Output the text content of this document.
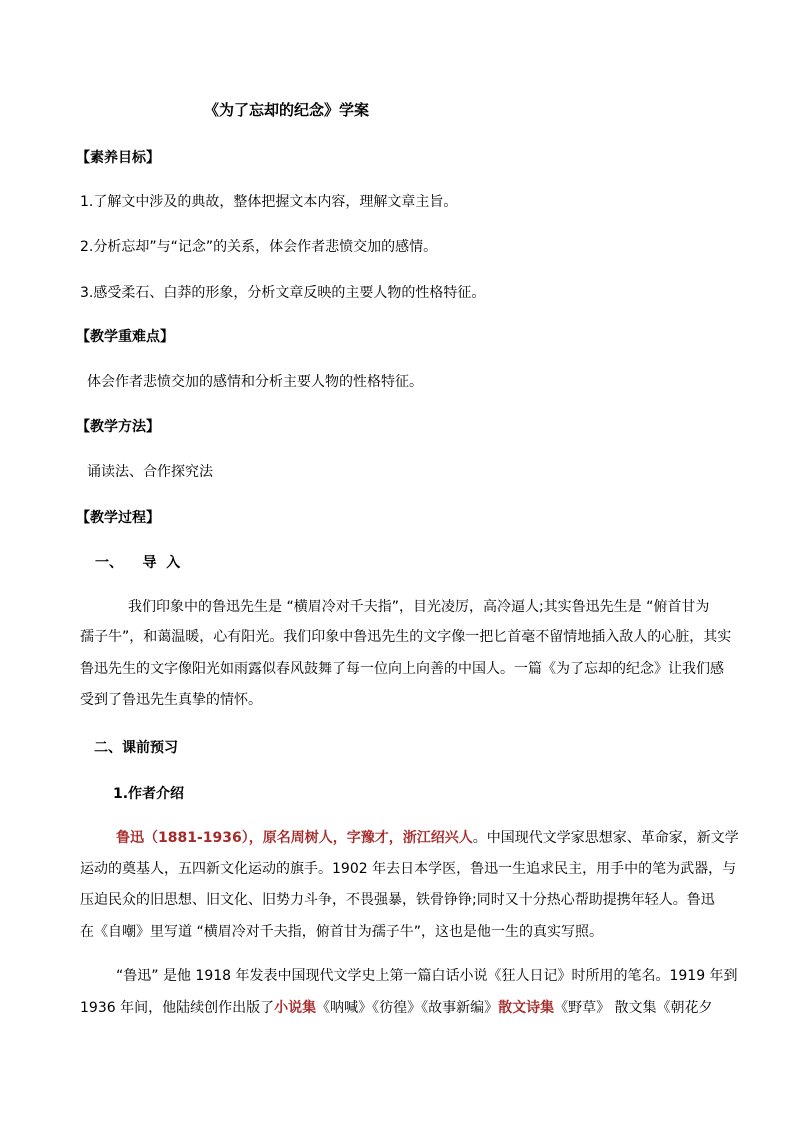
《为了忘却的纪念》学案
【素养目标】
1.了解文中涉及的典故，整体把握文本内容，理解文章主旨。
2.分析忘却”与“记念”的关系，体会作者悲愤交加的感情。
3.感受柔石、白莽的形象，分析文章反映的主要人物的性格特征。
【教学重难点】
体会作者悲愤交加的感情和分析主要人物的性格特征。
【教学方法】
诵读法、合作探究法
【教学过程】
一、    导  入
我们印象中的鲁迅先生是 “横眉冷对千夫指”，目光凌厉，高冷逼人;其实鲁迅先生是 “俯首甘为
孺子牛”，和蔼温暖，心有阳光。我们印象中鲁迅先生的文字像一把匕首毫不留情地插入敌人的心脏，其实
鲁迅先生的文字像阳光如雨露似春风鼓舞了每一位向上向善的中国人。一篇《为了忘却的纪念》让我们感
受到了鲁迅先生真挚的情怀。
二、课前预习
1.作者介绍
鲁迅（1881-1936），原名周树人，字豫才，浙江绍兴人。中国现代文学家思想家、革命家，新文学
运动的奠基人，五四新文化运动的旗手。1902 年去日本学医，鲁迅一生追求民主，用手中的笔为武器，与
压迫民众的旧思想、旧文化、旧势力斗争，不畏强暴，铁骨铮铮;同时又十分热心帮助提携年轻人。鲁迅
在《自嘲》里写道 “横眉冷对千夫指，俯首甘为孺子牛”，这也是他一生的真实写照。
“鲁迅” 是他 1918 年发表中国现代文学史上第一篇白话小说《狂人日记》时所用的笔名。1919 年到
1936 年间，他陆续创作出版了小说集《呐喊》《彷徨》《故事新编》散文诗集《野草》 散文集《朝花夕
